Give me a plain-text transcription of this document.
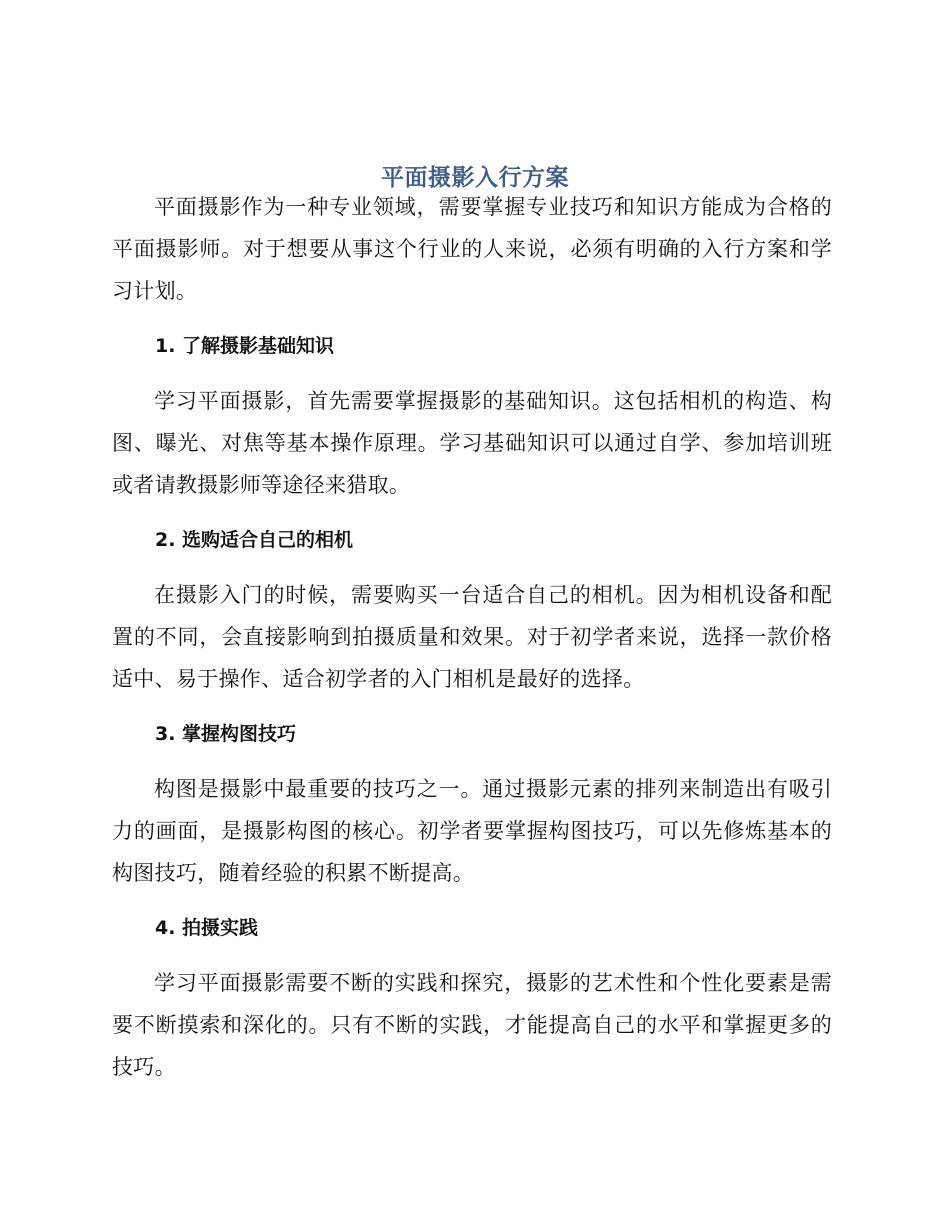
平面摄影入行方案

平面摄影作为一种专业领域，需要掌握专业技巧和知识方能成为合格的平面摄影师。对于想要从事这个行业的人来说，必须有明确的入行方案和学习计划。

1. 了解摄影基础知识

学习平面摄影，首先需要掌握摄影的基础知识。这包括相机的构造、构图、曝光、对焦等基本操作原理。学习基础知识可以通过自学、参加培训班或者请教摄影师等途径来猎取。

2. 选购适合自己的相机

在摄影入门的时候，需要购买一台适合自己的相机。因为相机设备和配置的不同，会直接影响到拍摄质量和效果。对于初学者来说，选择一款价格适中、易于操作、适合初学者的入门相机是最好的选择。

3. 掌握构图技巧

构图是摄影中最重要的技巧之一。通过摄影元素的排列来制造出有吸引力的画面，是摄影构图的核心。初学者要掌握构图技巧，可以先修炼基本的构图技巧，随着经验的积累不断提高。

4. 拍摄实践

学习平面摄影需要不断的实践和探究，摄影的艺术性和个性化要素是需要不断摸索和深化的。只有不断的实践，才能提高自己的水平和掌握更多的技巧。
